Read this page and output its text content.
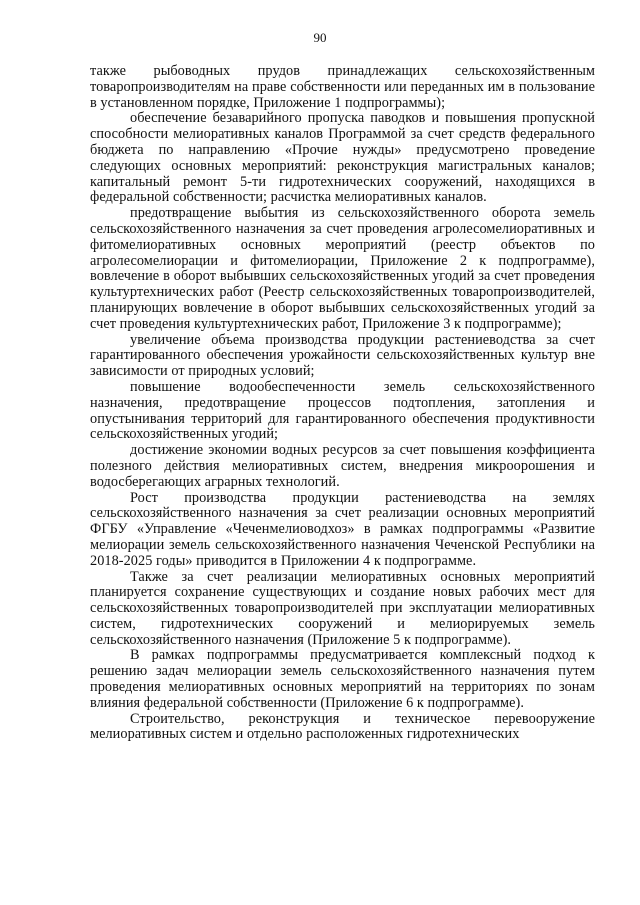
90

также рыбоводных прудов принадлежащих сельскохозяйственным товаропроизводителям на праве собственности или переданных им в пользование в установленном порядке, Приложение 1 подпрограммы);

обеспечение безаварийного пропуска паводков и повышения пропускной способности мелиоративных каналов Программой за счет средств федерального бюджета по направлению «Прочие нужды» предусмотрено проведение следующих основных мероприятий: реконструкция магистральных каналов; капитальный ремонт 5-ти гидротехнических сооружений, находящихся в федеральной собственности; расчистка мелиоративных каналов.

предотвращение выбытия из сельскохозяйственного оборота земель сельскохозяйственного назначения за счет проведения агролесомелиоративных и фитомелиоративных основных мероприятий (реестр объектов по агролесомелиорации и фитомелиорации, Приложение 2 к подпрограмме), вовлечение в оборот выбывших сельскохозяйственных угодий за счет проведения культуртехнических работ (Реестр сельскохозяйственных товаропроизводителей, планирующих вовлечение в оборот выбывших сельскохозяйственных угодий за счет проведения культуртехнических работ, Приложение 3 к подпрограмме);

увеличение объема производства продукции растениеводства за счет гарантированного обеспечения урожайности сельскохозяйственных культур вне зависимости от природных условий;

повышение водообеспеченности земель сельскохозяйственного назначения, предотвращение процессов подтопления, затопления и опустынивания территорий для гарантированного обеспечения продуктивности сельскохозяйственных угодий;

достижение экономии водных ресурсов за счет повышения коэффициента полезного действия мелиоративных систем, внедрения микроорошения и водосберегающих аграрных технологий.

Рост производства продукции растениеводства на землях сельскохозяйственного назначения за счет реализации основных мероприятий ФГБУ «Управление «Чеченмелиоводхоз» в рамках подпрограммы «Развитие мелиорации земель сельскохозяйственного назначения Чеченской Республики на 2018-2025 годы» приводится в Приложении 4 к подпрограмме.

Также за счет реализации мелиоративных основных мероприятий планируется сохранение существующих и создание новых рабочих мест для сельскохозяйственных товаропроизводителей при эксплуатации мелиоративных систем, гидротехнических сооружений и мелиорируемых земель сельскохозяйственного назначения (Приложение 5 к подпрограмме).

В рамках подпрограммы предусматривается комплексный подход к решению задач мелиорации земель сельскохозяйственного назначения путем проведения мелиоративных основных мероприятий на территориях по зонам влияния федеральной собственности (Приложение 6 к подпрограмме).

Строительство, реконструкция и техническое перевооружение мелиоративных систем и отдельно расположенных гидротехнических
